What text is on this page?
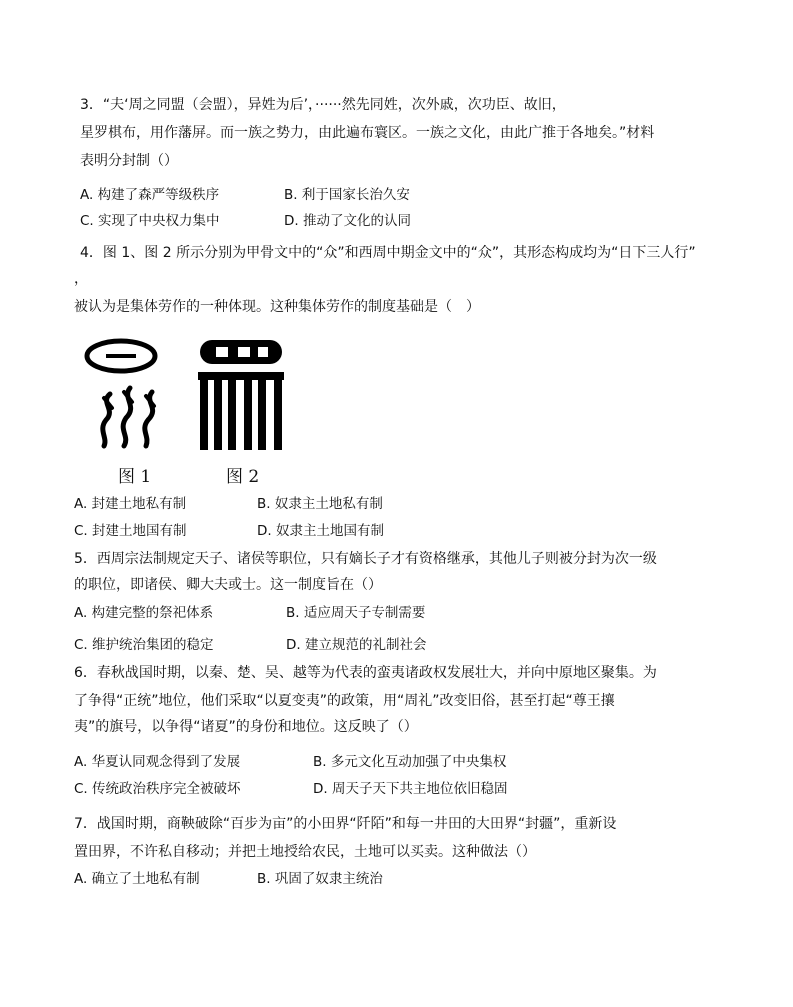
3．“夫‘周之同盟（会盟），异姓为后’，······然先同姓，次外戚，次功臣、故旧，
星罗棋布，用作藩屏。而一族之势力，由此遍布寰区。一族之文化，由此广推于各地矣。”材料
表明分封制（）
A. 构建了森严等级秩序	B. 利于国家长治久安
C. 实现了中央权力集中	D. 推动了文化的认同
4．图 1、图 2 所示分别为甲骨文中的“众”和西周中期金文中的“众”，其形态构成均为“日下三人行”
，
被认为是集体劳作的一种体现。这种集体劳作的制度基础是（　）
图 1	图 2
A. 封建土地私有制	B. 奴隶主土地私有制
C. 封建土地国有制	D. 奴隶主土地国有制
5．西周宗法制规定天子、诸侯等职位，只有嫡长子才有资格继承，其他儿子则被分封为次一级
的职位，即诸侯、卿大夫或士。这一制度旨在（）
A. 构建完整的祭祀体系	B. 适应周天子专制需要
C. 维护统治集团的稳定	D. 建立规范的礼制社会
6．春秋战国时期，以秦、楚、吴、越等为代表的蛮夷诸政权发展壮大，并向中原地区聚集。为
了争得“正统”地位，他们采取“以夏变夷”的政策，用“周礼”改变旧俗，甚至打起“尊王攘
夷”的旗号，以争得“诸夏”的身份和地位。这反映了（）
A. 华夏认同观念得到了发展	B. 多元文化互动加强了中央集权
C. 传统政治秩序完全被破坏	D. 周天子天下共主地位依旧稳固
7．战国时期，商鞅破除“百步为亩”的小田界“阡陌”和每一井田的大田界“封疆”，重新设
置田界，不许私自移动；并把土地授给农民，土地可以买卖。这种做法（）
A. 确立了土地私有制	B. 巩固了奴隶主统治
